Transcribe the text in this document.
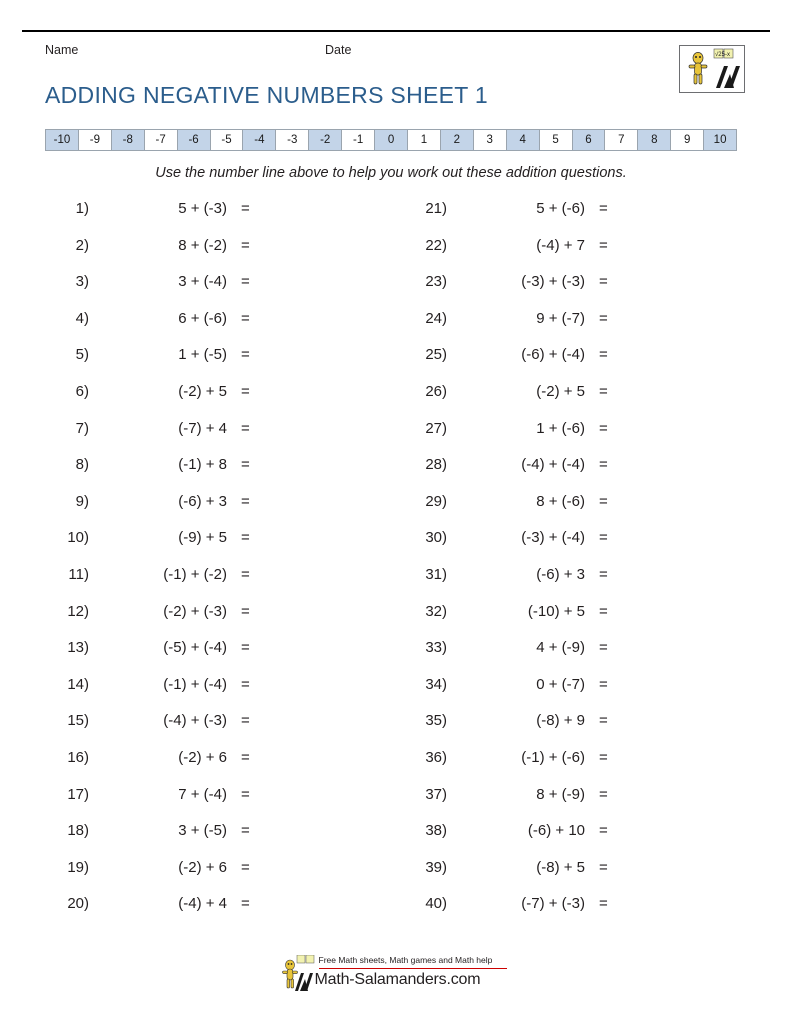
Name	Date	√25 -x
ADDING NEGATIVE NUMBERS SHEET 1
-10	-9	-8	-7	-6	-5	-4	-3	-2	-1	0	1	2	3	4	5	6	7	8	9	10
Use the number line above to help you work out these addition questions.
1)	5 + (-3) =
2)	8 + (-2) =
3)	3 + (-4) =
4)	6 + (-6) =
5)	1 + (-5) =
6)	(-2) + 5 =
7)	(-7) + 4 =
8)	(-1) + 8 =
9)	(-6) + 3 =
10)	(-9) + 5 =
11)	(-1) + (-2) =
12)	(-2) + (-3) =
13)	(-5) + (-4) =
14)	(-1) + (-4) =
15)	(-4) + (-3) =
16)	(-2) + 6 =
17)	7 + (-4) =
18)	3 + (-5) =
19)	(-2) + 6 =
20)	(-4) + 4 =
21)	5 + (-6) =
22)	(-4) + 7 =
23)	(-3) + (-3) =
24)	9 + (-7) =
25)	(-6) + (-4) =
26)	(-2) + 5 =
27)	1 + (-6) =
28)	(-4) + (-4) =
29)	8 + (-6) =
30)	(-3) + (-4) =
31)	(-6) + 3 =
32)	(-10) + 5 =
33)	4 + (-9) =
34)	0 + (-7) =
35)	(-8) + 9 =
36)	(-1) + (-6) =
37)	8 + (-9) =
38)	(-6) + 10 =
39)	(-8) + 5 =
40)	(-7) + (-3) =
Free Math sheets, Math games and Math help
Math-Salamanders.com
